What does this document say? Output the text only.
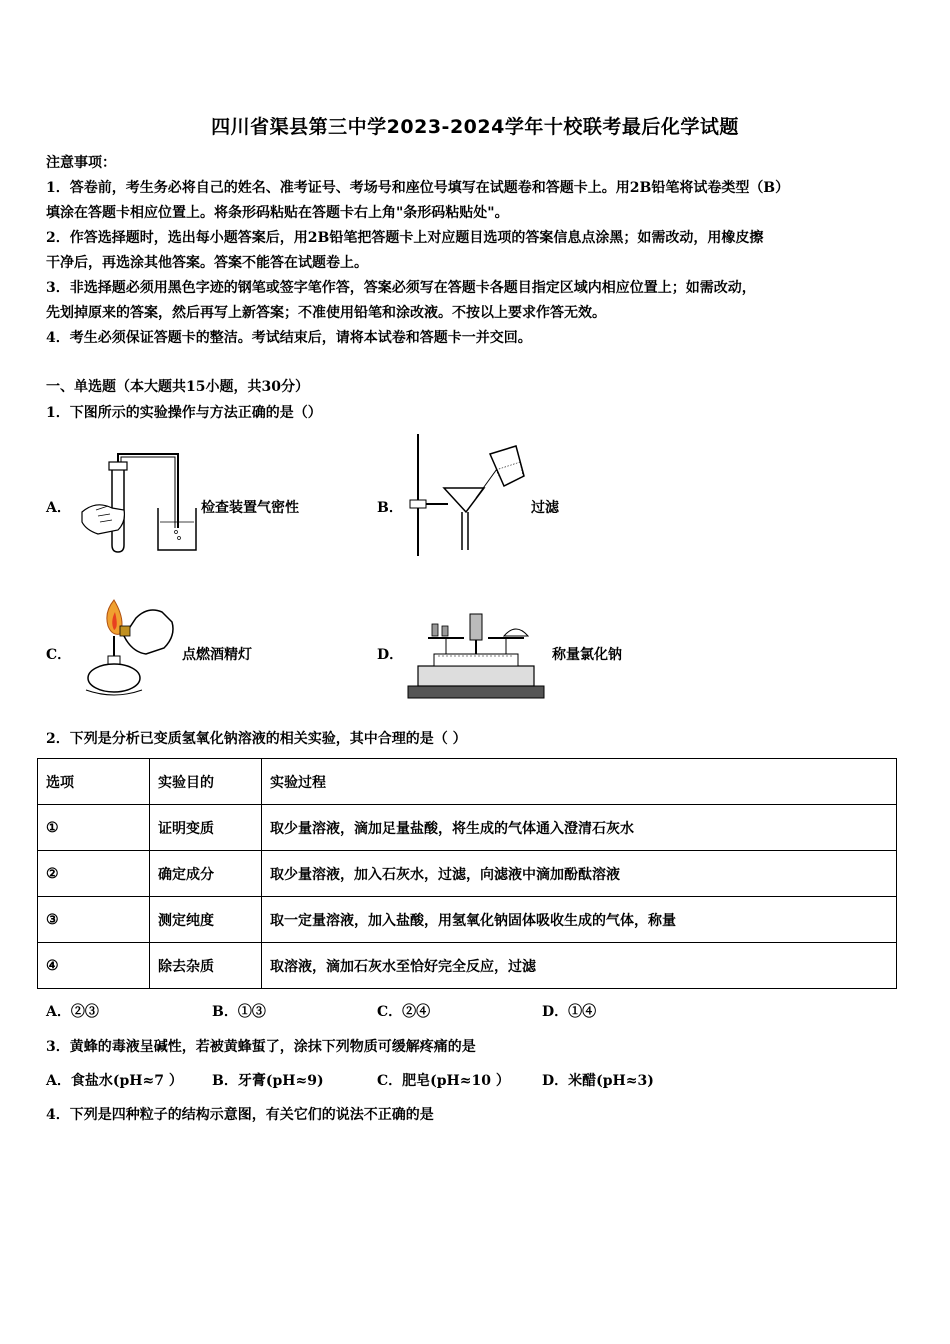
四川省渠县第三中学2023-2024学年十校联考最后化学试题
注意事项：
1．答卷前，考生务必将自己的姓名、准考证号、考场号和座位号填写在试题卷和答题卡上。用2B铅笔将试卷类型（B）
填涂在答题卡相应位置上。将条形码粘贴在答题卡右上角"条形码粘贴处"。
2．作答选择题时，选出每小题答案后，用2B铅笔把答题卡上对应题目选项的答案信息点涂黑；如需改动，用橡皮擦
干净后，再选涂其他答案。答案不能答在试题卷上。
3．非选择题必须用黑色字迹的钢笔或签字笔作答，答案必须写在答题卡各题目指定区域内相应位置上；如需改动，
先划掉原来的答案，然后再写上新答案；不准使用铅笔和涂改液。不按以上要求作答无效。
4．考生必须保证答题卡的整洁。考试结束后，请将本试卷和答题卡一并交回。
一、单选题（本大题共15小题，共30分）
1．下图所示的实验操作与方法正确的是（）
A．	检查装置气密性	B．	过滤
C．	点燃酒精灯	D．	称量氯化钠
2．下列是分析已变质氢氧化钠溶液的相关实验，其中合理的是（ ）
选项	实验目的	实验过程
①	证明变质	取少量溶液，滴加足量盐酸，将生成的气体通入澄清石灰水
②	确定成分	取少量溶液，加入石灰水，过滤，向滤液中滴加酚酞溶液
③	测定纯度	取一定量溶液，加入盐酸，用氢氧化钠固体吸收生成的气体，称量
④	除去杂质	取溶液，滴加石灰水至恰好完全反应，过滤
A．②③	B．①③	C．②④	D．①④
3．黄蜂的毒液呈碱性，若被黄蜂蜇了，涂抹下列物质可缓解疼痛的是
A．食盐水(pH≈7 ） B．牙膏(pH≈9)	C．肥皂(pH≈10 ） D．米醋(pH≈3)
4．下列是四种粒子的结构示意图，有关它们的说法不正确的是
